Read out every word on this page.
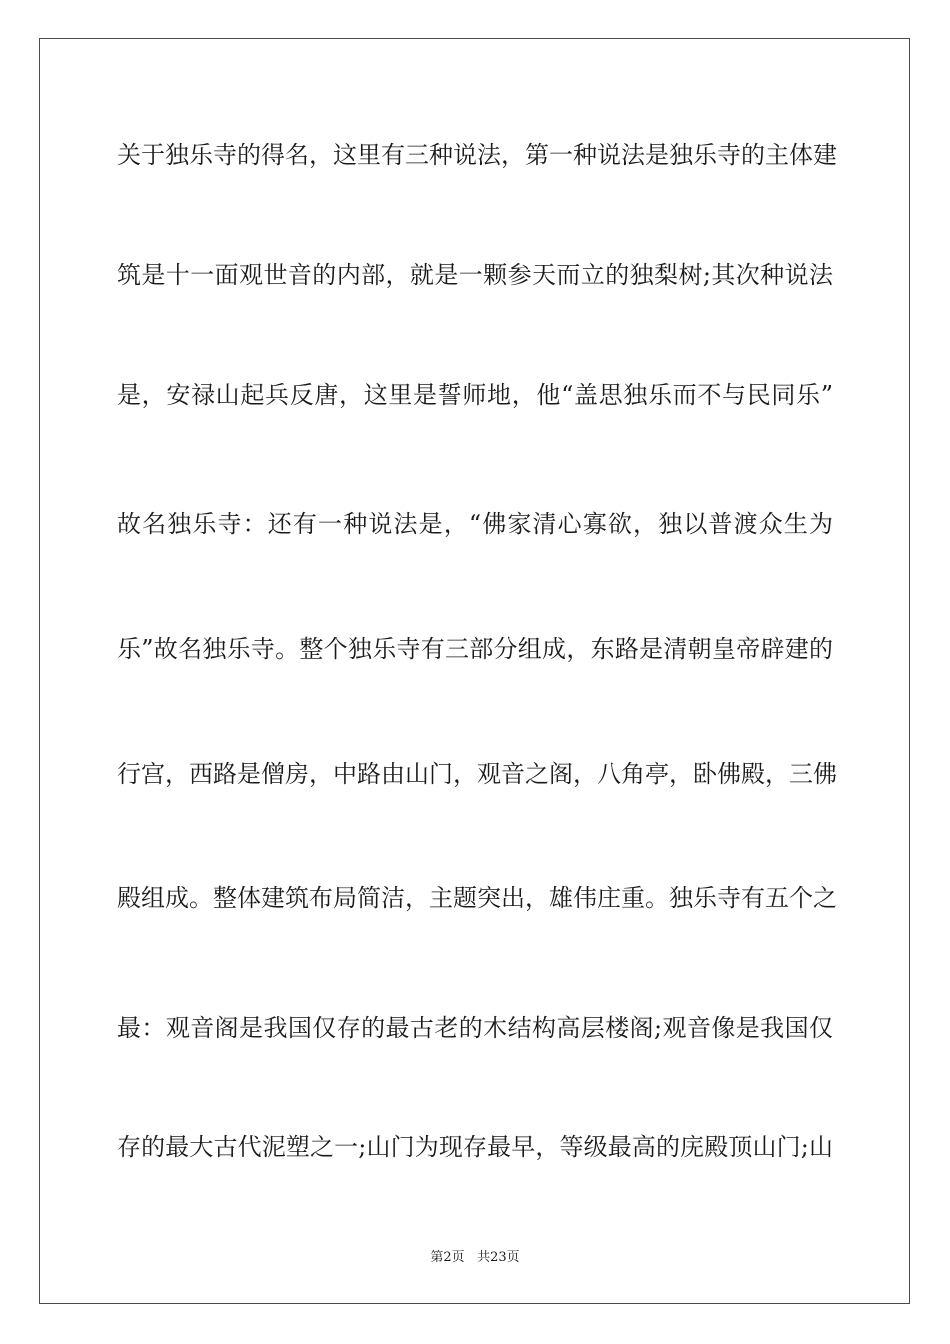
关于独乐寺的得名，这里有三种说法，第一种说法是独乐寺的主体建
筑是十一面观世音的内部，就是一颗参天而立的独梨树;其次种说法
是，安禄山起兵反唐，这里是誓师地，他“盖思独乐而不与民同乐”
故名独乐寺：还有一种说法是，“佛家清心寡欲，独以普渡众生为
乐”故名独乐寺。整个独乐寺有三部分组成，东路是清朝皇帝辟建的
行宫，西路是僧房，中路由山门，观音之阁，八角亭，卧佛殿，三佛
殿组成。整体建筑布局简洁，主题突出，雄伟庄重。独乐寺有五个之
最：观音阁是我国仅存的最古老的木结构高层楼阁;观音像是我国仅
存的最大古代泥塑之一;山门为现存最早，等级最高的庑殿顶山门;山
第2页 共23页
